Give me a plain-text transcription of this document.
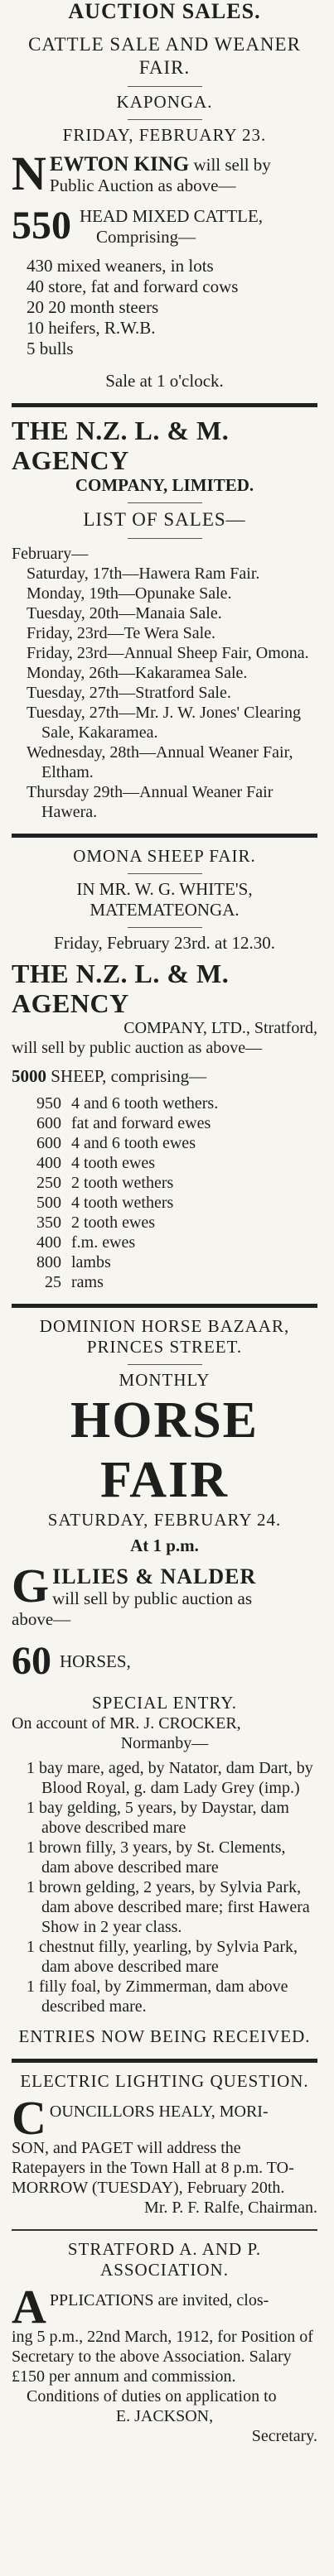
AUCTION SALES.

CATTLE SALE AND WEANER FAIR.

KAPONGA.

FRIDAY, FEBRUARY 23.

N EWTON KING will sell by
Public Auction as above—
550 HEAD MIXED CATTLE,
Comprising—
430 mixed weaners, in lots
40 store, fat and forward cows
20 20 month steers
10 heifers, R.W.B.
5 bulls

Sale at 1 o'clock.

THE N.Z. L. & M. AGENCY

COMPANY, LIMITED.

LIST OF SALES—

February—

Saturday, 17th—Hawera Ram Fair.

Monday, 19th—Opunake Sale.

Tuesday, 20th—Manaia Sale.

Friday, 23rd—Te Wera Sale.

Friday, 23rd—Annual Sheep Fair, Omona.

Monday, 26th—Kakaramea Sale.

Tuesday, 27th—Stratford Sale.

Tuesday, 27th—Mr. J. W. Jones' Clearing Sale, Kakaramea.

Wednesday, 28th—Annual Weaner Fair, Eltham.

Thursday 29th—Annual Weaner Fair Hawera.

OMONA SHEEP FAIR.

IN MR. W. G. WHITE'S,

MATEMATEONGA.

Friday, February 23rd. at 12.30.

THE N.Z. L. & M. AGENCY

COMPANY, LTD., Stratford,

will sell by public auction as above—

5000 SHEEP, comprising—

950 4 and 6 tooth wethers.
600 fat and forward ewes
600 4 and 6 tooth ewes
400 4 tooth ewes
250 2 tooth wethers
500 4 tooth wethers
350 2 tooth ewes
400 f.m. ewes
800 lambs
25 rams

DOMINION HORSE BAZAAR,

PRINCES STREET.

MONTHLY

HORSE FAIR

SATURDAY, FEBRUARY 24.

At 1 p.m.

G ILLIES & NALDER
will sell by public auction as

above—

60 HORSES,

SPECIAL ENTRY.

On account of MR. J. CROCKER,

Normanby—

1 bay mare, aged, by Natator, dam Dart, by Blood Royal, g. dam Lady Grey (imp.)

1 bay gelding, 5 years, by Daystar, dam above described mare

1 brown filly, 3 years, by St. Clements, dam above described mare

1 brown gelding, 2 years, by Sylvia Park, dam above described mare; first Hawera Show in 2 year class.

1 chestnut filly, yearling, by Sylvia Park, dam above described mare

1 filly foal, by Zimmerman, dam above described mare.

ENTRIES NOW BEING RECEIVED.

ELECTRIC LIGHTING QUESTION.

C OUNCILLORS HEALY, MORI-

SON, and PAGET will address the Ratepayers in the Town Hall at 8 p.m. TO-MORROW (TUESDAY), February 20th.

Mr. P. F. Ralfe, Chairman.

STRATFORD A. AND P. ASSOCIATION.

A PPLICATIONS are invited, clos-

ing 5 p.m., 22nd March, 1912, for Position of Secretary to the above Association. Salary £150 per annum and commission.

Conditions of duties on application to

E. JACKSON,

Secretary.
